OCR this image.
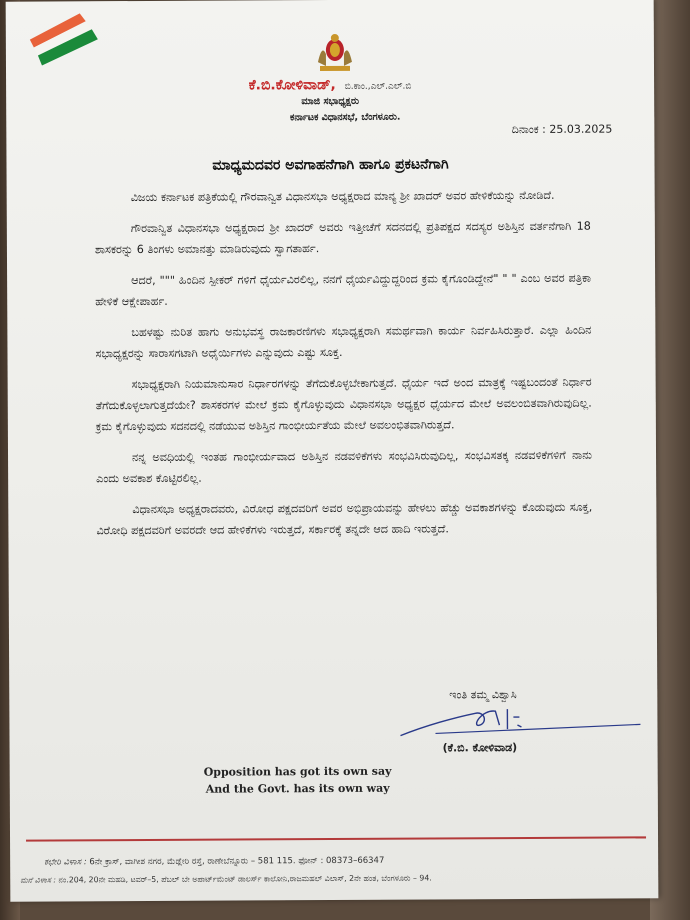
ಕೆ.ಬಿ.ಕೋಳಿವಾಡ್, ಬಿ.ಕಾಂ.,ಎಲ್.ಎಲ್.ಬಿ
ಮಾಜಿ ಸಭಾಧ್ಯಕ್ಷರು
ಕರ್ನಾಟಕ ವಿಧಾನಸಭೆ, ಬೆಂಗಳೂರು.
ದಿನಾಂಕ : 25.03.2025
ಮಾಧ್ಯಮದವರ ಅವಗಾಹನೆಗಾಗಿ ಹಾಗೂ ಪ್ರಕಟನೆಗಾಗಿ

ವಿಜಯ ಕರ್ನಾಟಕ ಪತ್ರಿಕೆಯಲ್ಲಿ ಗೌರವಾನ್ವಿತ ವಿಧಾನಸಭಾ ಅಧ್ಯಕ್ಷರಾದ ಮಾನ್ಯ ಶ್ರೀ ಖಾದರ್ ಅವರ ಹೇಳಿಕೆಯನ್ನು ನೋಡಿದೆ.

ಗೌರವಾನ್ವಿತ ವಿಧಾನಸಭಾ ಅಧ್ಯಕ್ಷರಾದ ಶ್ರೀ ಖಾದರ್ ಅವರು ಇತ್ತೀಚೆಗೆ ಸದನದಲ್ಲಿ ಪ್ರತಿಪಕ್ಷದ ಸದಸ್ಯರ ಅಶಿಸ್ತಿನ ವರ್ತನೆಗಾಗಿ 18 ಶಾಸಕರನ್ನು 6 ತಿಂಗಳು ಅಮಾನತ್ತು ಮಾಡಿರುವುದು ಸ್ವಾಗತಾರ್ಹ.

ಆದರೆ, """ ಹಿಂದಿನ ಸ್ಪೀಕರ್ ಗಳಿಗೆ ಧೈರ್ಯವಿರಲಿಲ್ಲ, ನನಗೆ ಧೈರ್ಯವಿದ್ದುದ್ದರಿಂದ ಕ್ರಮ ಕೈಗೊಂಡಿದ್ದೇನೆ" " " ಎಂಬ ಅವರ ಪತ್ರಿಕಾ ಹೇಳಿಕೆ ಆಕ್ಷೇಪಾರ್ಹ.

ಬಹಳಷ್ಟು ನುರಿತ ಹಾಗು ಅನುಭವಸ್ಥ ರಾಜಕಾರಣಿಗಳು ಸಭಾಧ್ಯಕ್ಷರಾಗಿ ಸಮರ್ಥವಾಗಿ ಕಾರ್ಯ ನಿರ್ವಹಿಸಿರುತ್ತಾರೆ. ಎಲ್ಲಾ ಹಿಂದಿನ ಸಭಾಧ್ಯಕ್ಷರನ್ನು ಸಾರಾಸಗಟಾಗಿ ಅಧೈರ್ಯಿಗಳು ಎನ್ನುವುದು ಎಷ್ಟು ಸೂಕ್ತ.

ಸಭಾಧ್ಯಕ್ಷರಾಗಿ ನಿಯಮಾನುಸಾರ ನಿರ್ಧಾರಗಳನ್ನು ತೆಗೆದುಕೊಳ್ಳಬೇಕಾಗುತ್ತದೆ. ಧೈರ್ಯ ಇದೆ ಅಂದ ಮಾತ್ರಕ್ಕೆ ಇಷ್ಟಬಂದಂತೆ ನಿರ್ಧಾರ ತೆಗೆದುಕೊಳ್ಳಲಾಗುತ್ತದೆಯೇ? ಶಾಸಕರಗಳ ಮೇಲೆ ಕ್ರಮ ಕೈಗೊಳ್ಳುವುದು ವಿಧಾನಸಭಾ ಅಧ್ಯಕ್ಷರ ಧೈರ್ಯದ ಮೇಲೆ ಅವಲಂಬಿತವಾಗಿರುವುದಿಲ್ಲ. ಕ್ರಮ ಕೈಗೊಳ್ಳುವುದು ಸದನದಲ್ಲಿ ನಡೆಯುವ ಅಶಿಸ್ತಿನ ಗಾಂಭೀರ್ಯತೆಯ ಮೇಲೆ ಅವಲಂಭಿತವಾಗಿರುತ್ತದೆ.

ನನ್ನ ಅವಧಿಯಲ್ಲಿ ಇಂತಹ ಗಾಂಭೀರ್ಯವಾದ ಅಶಿಸ್ತಿನ ನಡವಳಿಕೆಗಳು ಸಂಭವಿಸಿರುವುದಿಲ್ಲ, ಸಂಭವಿಸತಕ್ಕ ನಡವಳಿಕೆಗಳಿಗೆ ನಾನು ಎಂದು ಅವಕಾಶ ಕೊಟ್ಟಿರಲಿಲ್ಲ.

ವಿಧಾನಸಭಾ ಅಧ್ಯಕ್ಷರಾದವರು, ವಿರೋಧ ಪಕ್ಷದವರಿಗೆ ಅವರ ಅಭಿಪ್ರಾಯವನ್ನು ಹೇಳಲು ಹೆಚ್ಚು ಅವಕಾಶಗಳನ್ನು ಕೊಡುವುದು ಸೂಕ್ತ, ವಿರೋಧಿ ಪಕ್ಷದವರಿಗೆ ಅವರದೇ ಆದ ಹೇಳಿಕೆಗಳು ಇರುತ್ತದೆ, ಸರ್ಕಾರಕ್ಕೆ ತನ್ನದೇ ಆದ ಹಾದಿ ಇರುತ್ತದೆ.

ಇಂತಿ ತಮ್ಮ ವಿಶ್ವಾಸಿ
(ಕೆ.ಬಿ. ಕೋಳಿವಾಡ)
Opposition has got its own say
And the Govt. has its own way
ಕಛೇರಿ ವಿಳಾಸ : 6ನೇ ಕ್ರಾಸ್, ವಾಗೀಶ ನಗರ, ಮೆಡ್ಲೇರಿ ರಸ್ತೆ, ರಾಣೇಬೆನ್ನೂರು – 581 115. ಫೋನ್ : 08373–66347
ಮನೆ ವಿಳಾಸ : ನಂ.204, 20ನೇ ಮಹಡಿ, ಟವರ್–5, ಪೆಬಲ್ ಬೇ ಅಪಾರ್ಟ್‌ಮೆಂಟ್ ಡಾಲರ್ಸ್ ಕಾಲೋನಿ,ರಾಜಮಹಲ್ ವಿಲಾಸ್, 2ನೇ ಹಂತ, ಬೆಂಗಳೂರು – 94.
